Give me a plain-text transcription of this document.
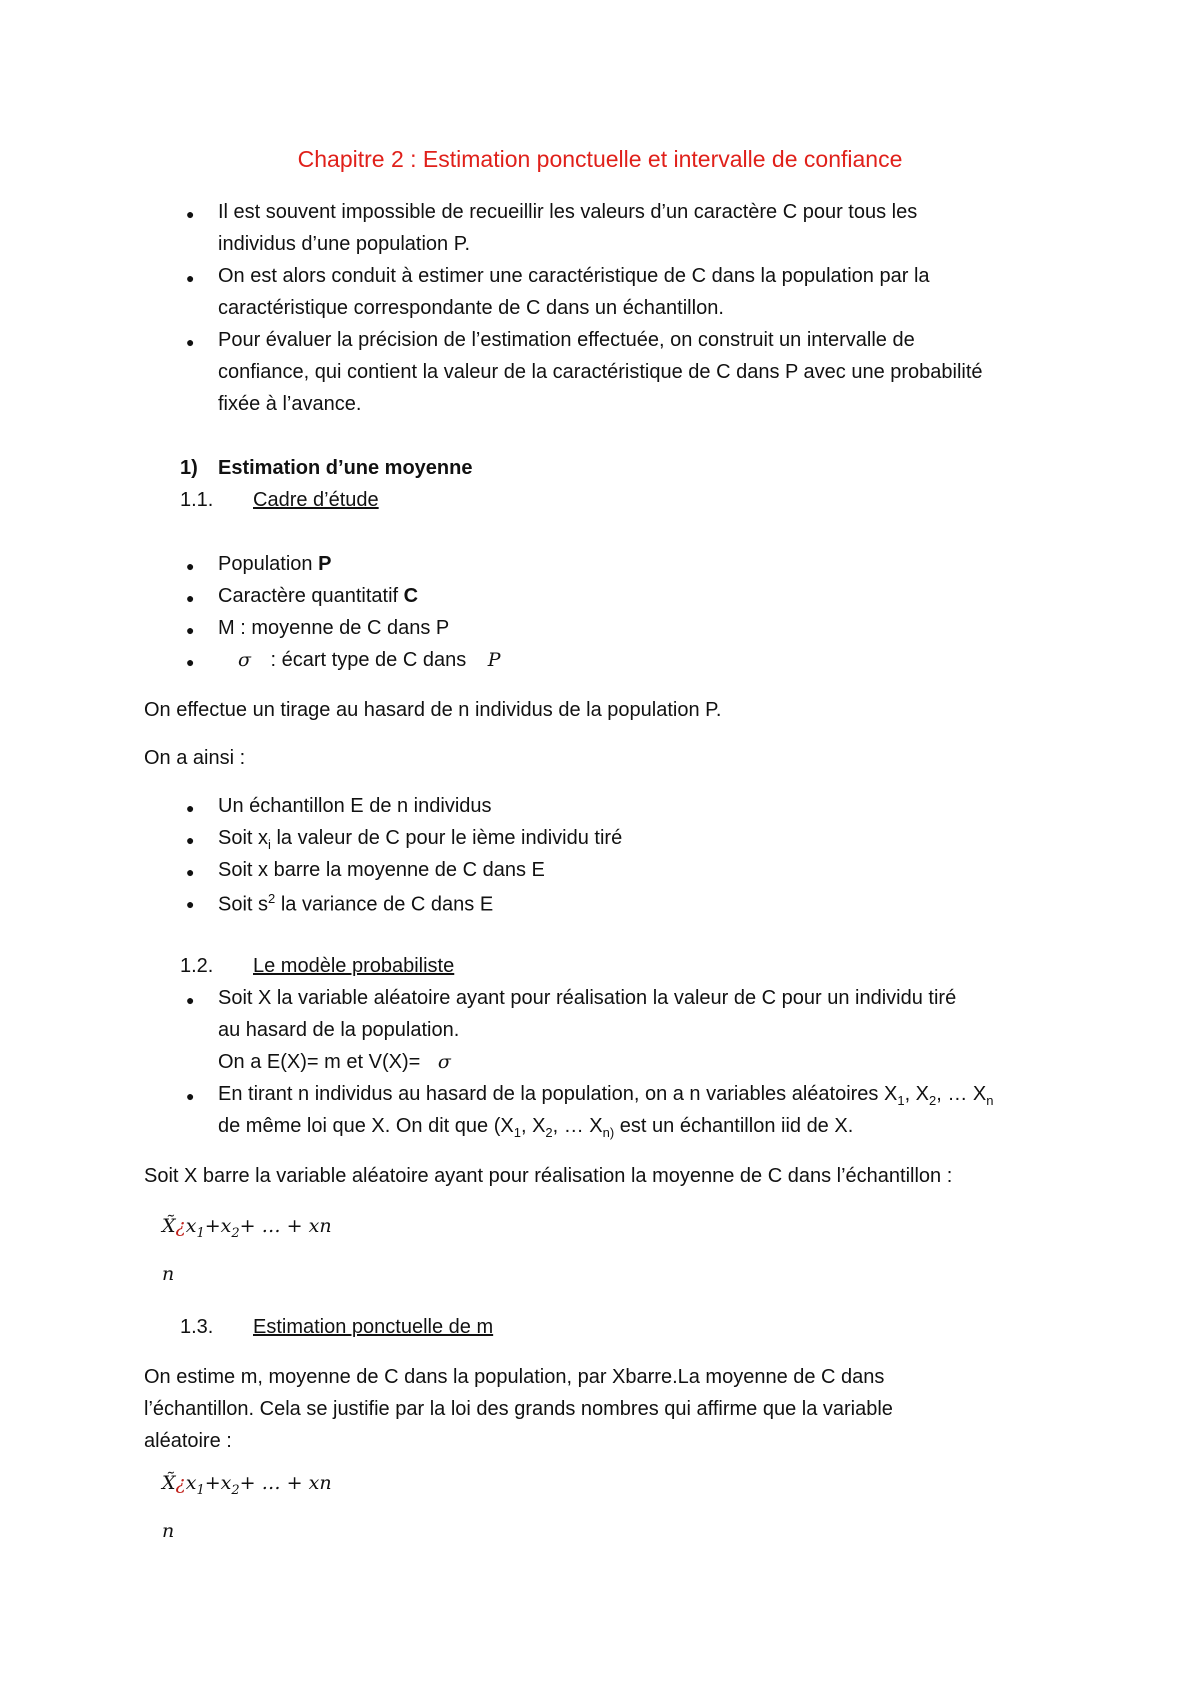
Chapitre 2 : Estimation ponctuelle et intervalle de confiance
● Il est souvent impossible de recueillir les valeurs d’un caractère C pour tous les
individus d’une population P.
● On est alors conduit à estimer une caractéristique de C dans la population par la
caractéristique correspondante de C dans un échantillon.
● Pour évaluer la précision de l’estimation effectuée, on construit un intervalle de
confiance, qui contient la valeur de la caractéristique de C dans P avec une probabilité
fixée à l’avance.
1) Estimation d’une moyenne
1.1. Cadre d’étude
● Population P
● Caractère quantitatif C
● M : moyenne de C dans P
● σ : écart type de C dans P
On effectue un tirage au hasard de n individus de la population P.
On a ainsi :
● Un échantillon E de n individus
● Soit $x_i$ la valeur de C pour le ième individu tiré
● Soit x barre la moyenne de C dans E
● Soit $s^2$ la variance de C dans E
1.2. Le modèle probabiliste
● Soit X la variable aléatoire ayant pour réalisation la valeur de C pour un individu tiré
au hasard de la population.
On a E(X)= m et V(X)= σ
● En tirant n individus au hasard de la population, on a n variables aléatoires $X_1$, $X_2$, … $X_n$
de même loi que X. On dit que ($X_1$, $X_2$, … $X_{n)}$ est un échantillon iid de X.
Soit X barre la variable aléatoire ayant pour réalisation la moyenne de C dans l’échantillon :
$X̃¿x_1+x_2+$ … + xn
n
1.3. Estimation ponctuelle de m
On estime m, moyenne de C dans la population, par Xbarre.La moyenne de C dans
l’échantillon. Cela se justifie par la loi des grands nombres qui affirme que la variable
aléatoire :
$X̃¿x_1+x_2+$ … + xn
n
